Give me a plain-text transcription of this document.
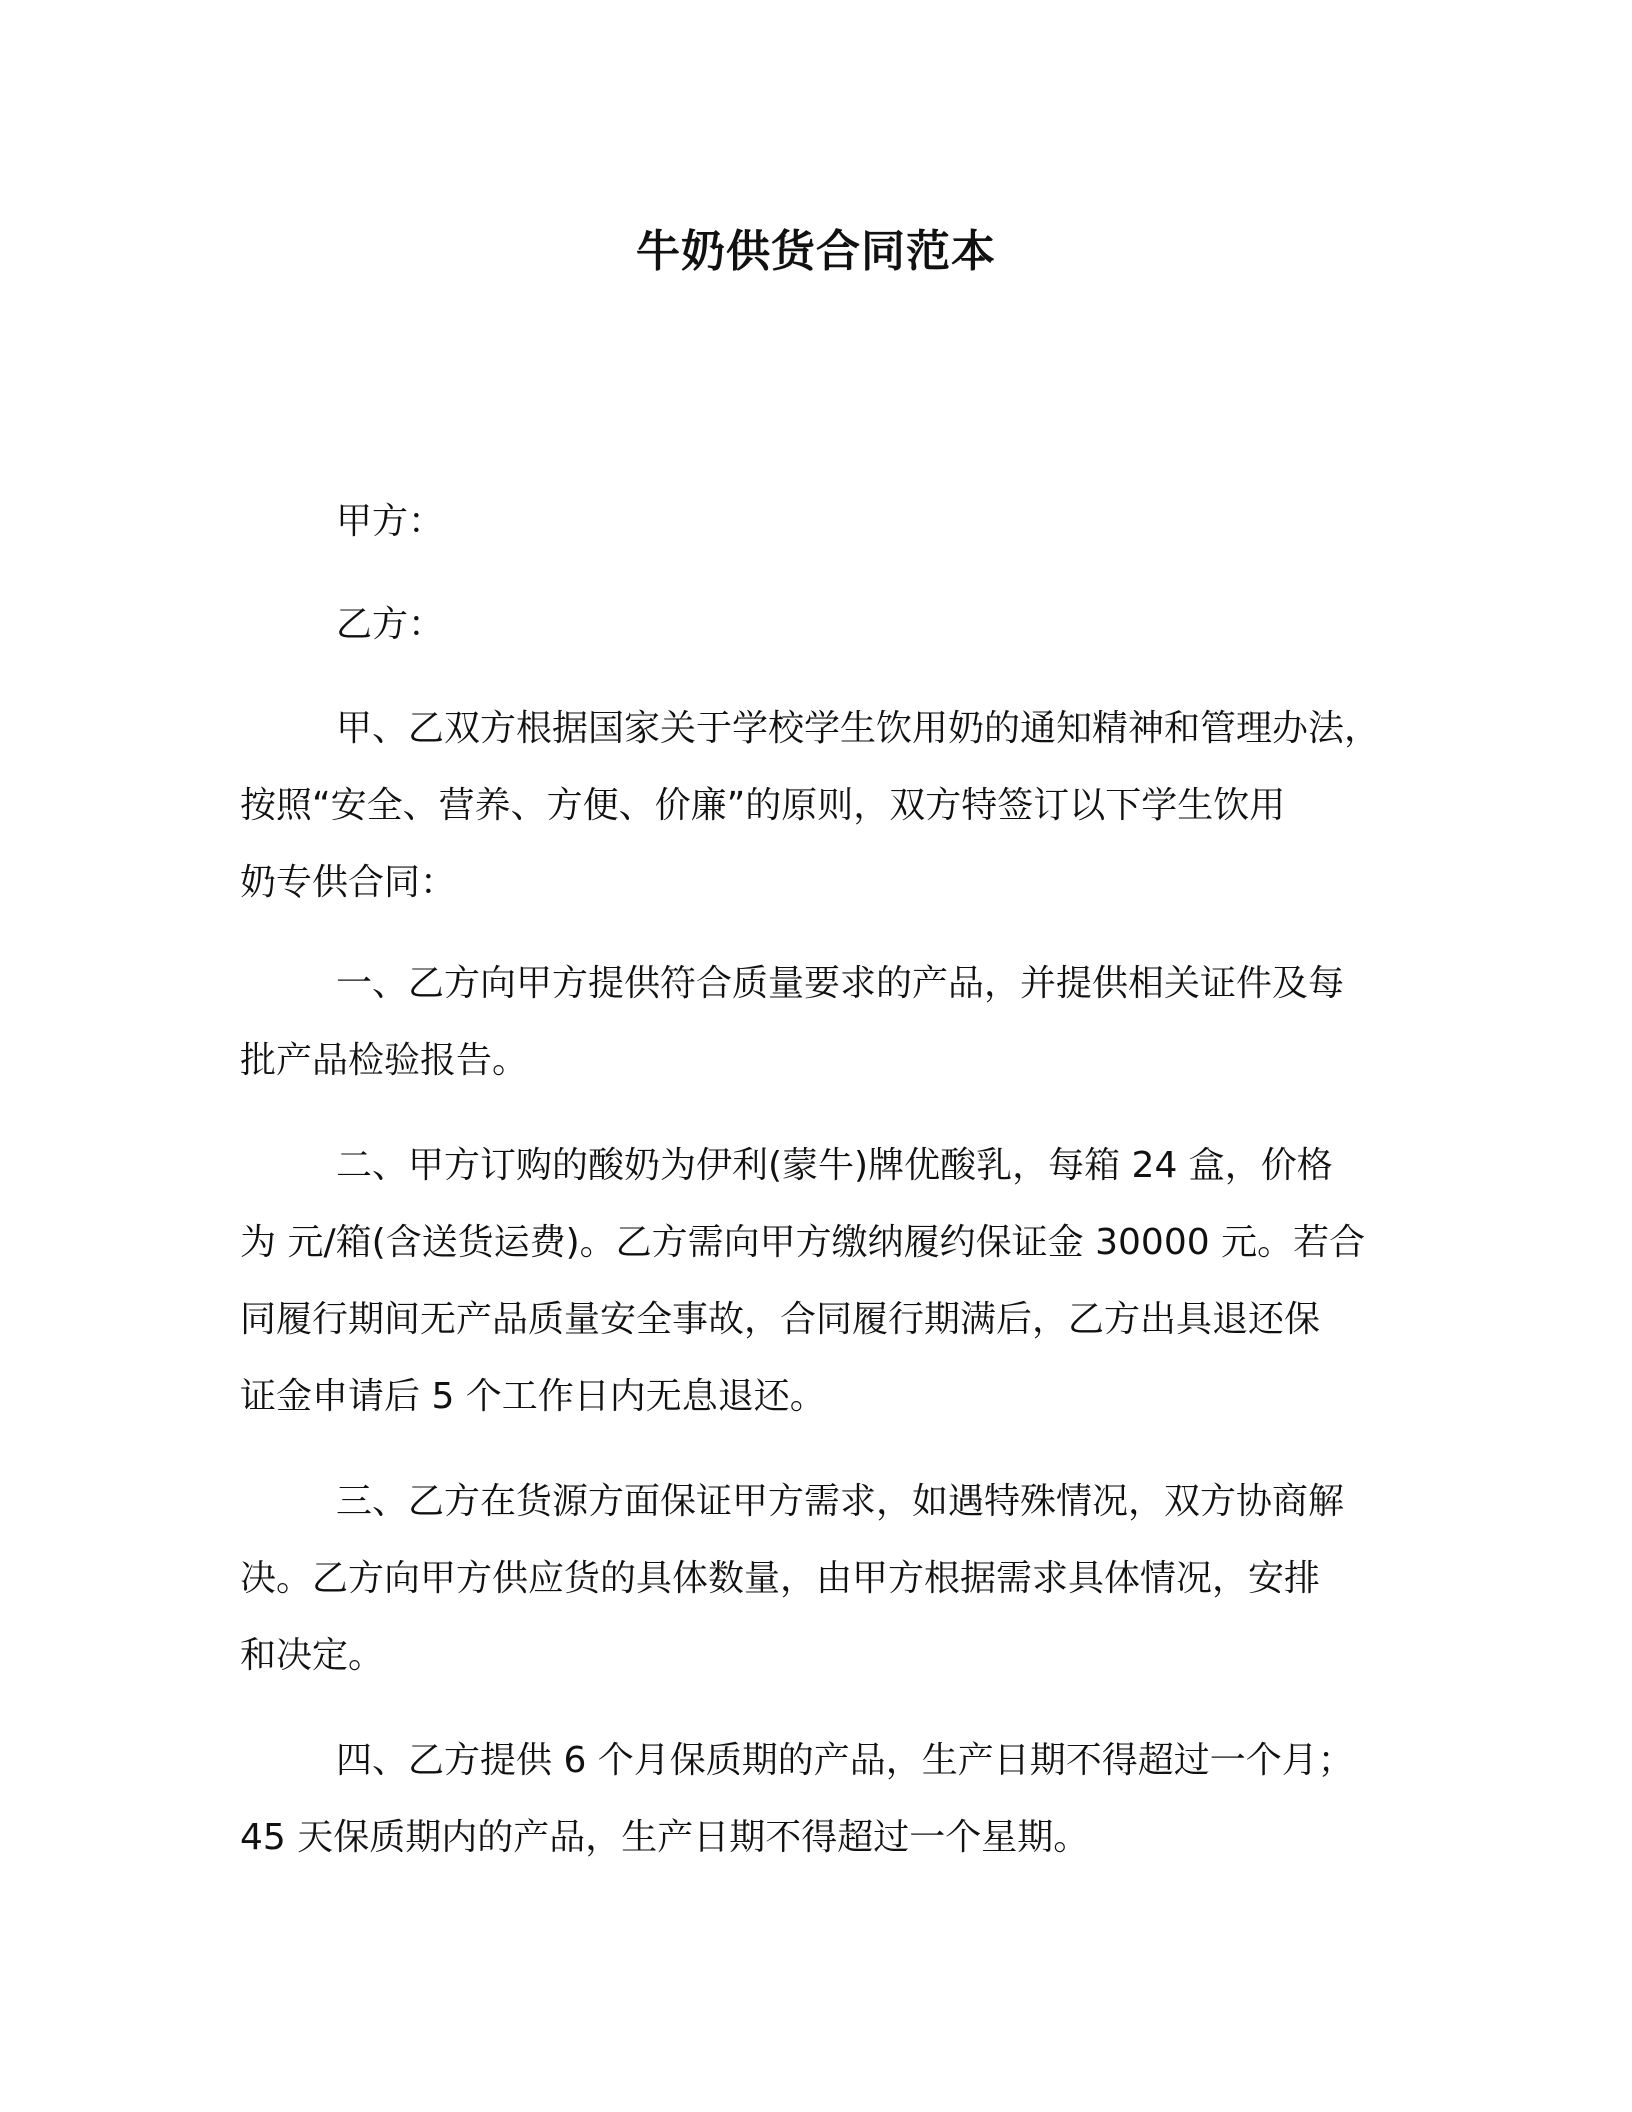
牛奶供货合同范本

甲方：

乙方：

甲、乙双方根据国家关于学校学生饮用奶的通知精神和管理办法，

按照“安全、营养、方便、价廉”的原则，双方特签订以下学生饮用

奶专供合同：

一、乙方向甲方提供符合质量要求的产品，并提供相关证件及每

批产品检验报告。

二、甲方订购的酸奶为伊利(蒙牛)牌优酸乳，每箱 24 盒，价格

为 元/箱(含送货运费)。乙方需向甲方缴纳履约保证金 30000 元。若合

同履行期间无产品质量安全事故，合同履行期满后，乙方出具退还保

证金申请后 5 个工作日内无息退还。

三、乙方在货源方面保证甲方需求，如遇特殊情况，双方协商解

决。乙方向甲方供应货的具体数量，由甲方根据需求具体情况，安排

和决定。

四、乙方提供 6 个月保质期的产品，生产日期不得超过一个月；

45 天保质期内的产品，生产日期不得超过一个星期。
